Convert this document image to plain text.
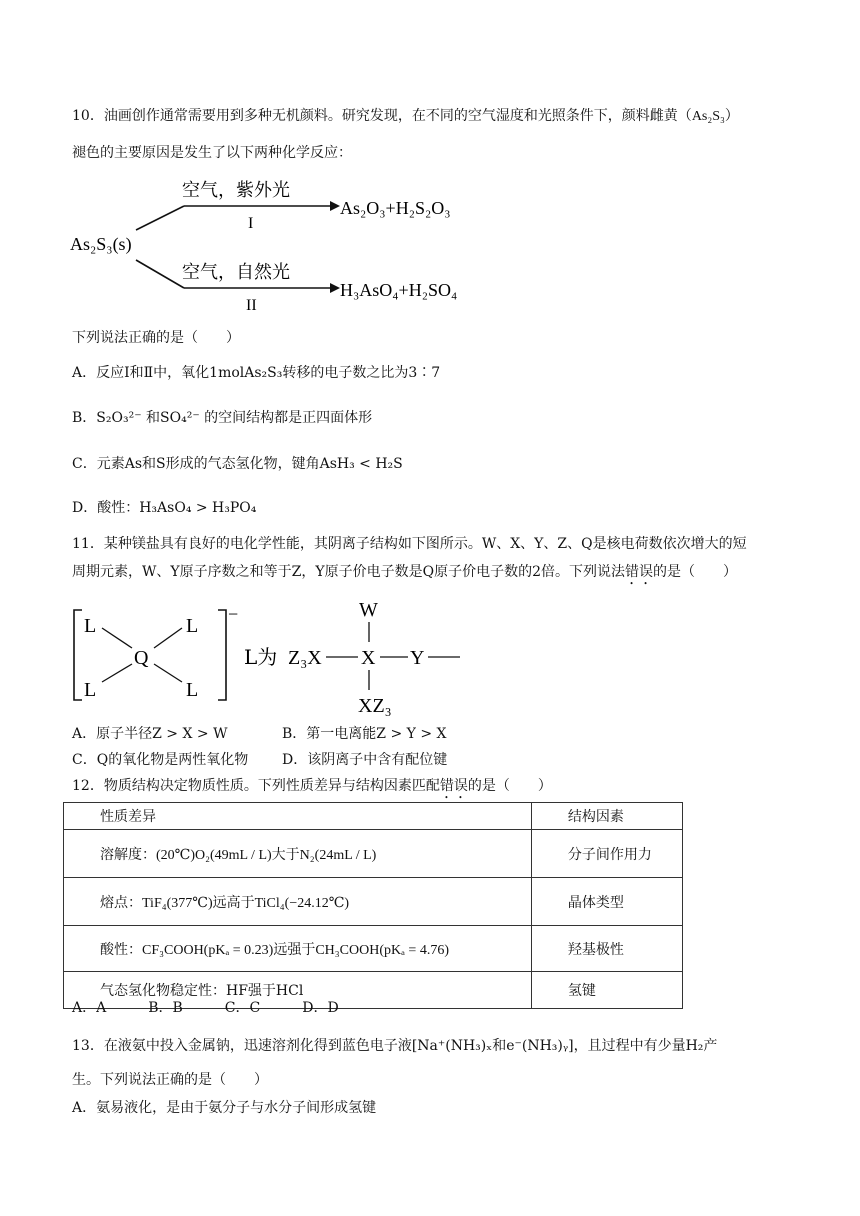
10．油画创作通常需要用到多种无机颜料。研究发现，在不同的空气湿度和光照条件下，颜料雌黄（As₂S₃）
褪色的主要原因是发生了以下两种化学反应：
As₂S₃(s)
空气，紫外光
I
As₂O₃+H₂S₂O₃
空气，自然光
II
H₃AsO₄+H₂SO₄
下列说法正确的是（　　）
A．反应Ⅰ和Ⅱ中，氧化1molAs₂S₃转移的电子数之比为3∶7
B．S₂O₃²⁻ 和SO₄²⁻ 的空间结构都是正四面体形
C．元素As和S形成的气态氢化物，键角AsH₃ < H₂S
D．酸性：H₃AsO₄ > H₃PO₄
11．某种镁盐具有良好的电化学性能，其阴离子结构如下图所示。W、X、Y、Z、Q是核电荷数依次增大的短
周期元素，W、Y原子序数之和等于Z，Y原子价电子数是Q原子价电子数的2倍。下列说法错误的是（　　）
−
L	L
L	L
Q	L为 Z₃X X Y
W
XZ₃
A．原子半径Z > X > W	B．第一电离能Z > Y > X
C．Q的氧化物是两性氧化物 D．该阴离子中含有配位键
12．物质结构决定物质性质。下列性质差异与结构因素匹配错误的是（　　）
性质差异	结构因素
溶解度：(20℃)O₂(49mL / L)大于N₂(24mL / L)	分子间作用力
熔点：TiF₄(377℃)远高于TiCl₄(−24.12℃)	晶体类型
酸性：CF₃COOH(pKₐ = 0.23)远强于CH₃COOH(pKₐ = 4.76)	羟基极性
气态氢化物稳定性：HF强于HCl	氢键
A．A　　　B．B　　　C．C　　　D．D
13．在液氨中投入金属钠，迅速溶剂化得到蓝色电子液[Na⁺(NH₃)ₓ和e⁻(NH₃)ᵧ]，且过程中有少量H₂产
生。下列说法正确的是（　　）
A．氨易液化，是由于氨分子与水分子间形成氢键
